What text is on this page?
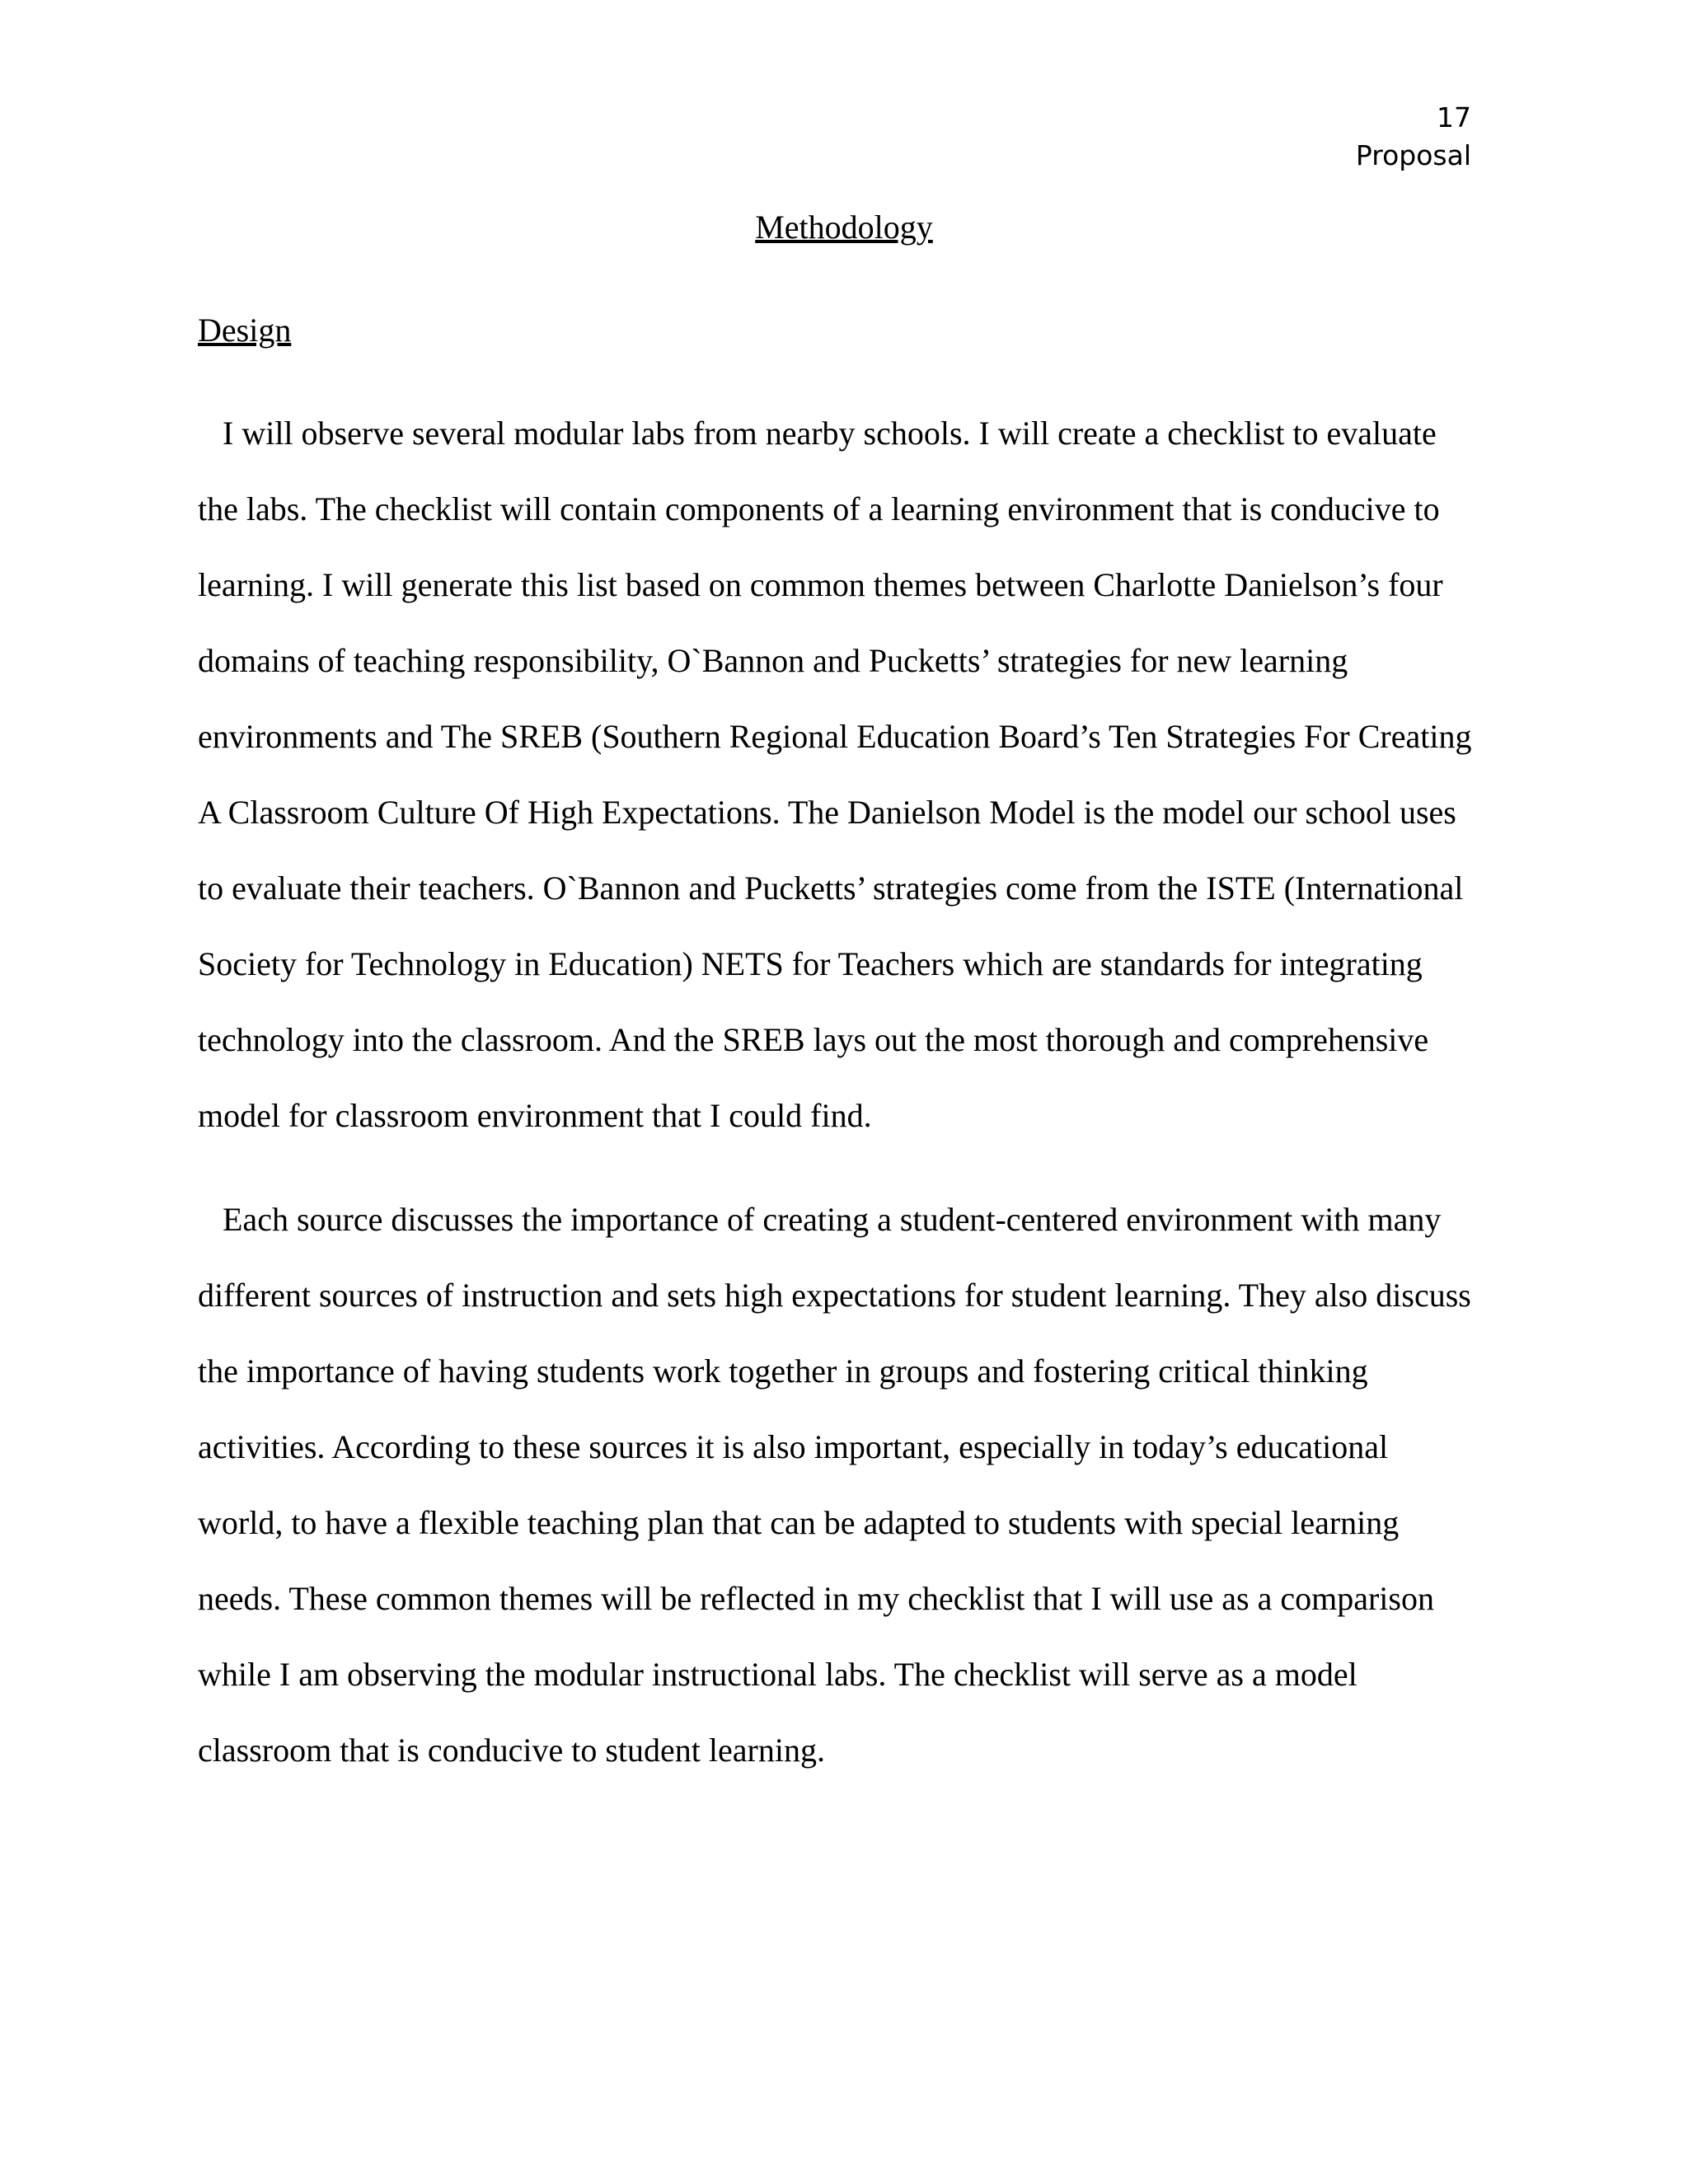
17
Proposal
Methodology
Design
I will observe several modular labs from nearby schools. I will create a checklist to evaluate
the labs. The checklist will contain components of a learning environment that is conducive to
learning. I will generate this list based on common themes between Charlotte Danielson’s four
domains of teaching responsibility, O`Bannon and Pucketts’ strategies for new learning
environments and The SREB (Southern Regional Education Board’s Ten Strategies For Creating
A Classroom Culture Of High Expectations. The Danielson Model is the model our school uses
to evaluate their teachers. O`Bannon and Pucketts’ strategies come from the ISTE (International
Society for Technology in Education) NETS for Teachers which are standards for integrating
technology into the classroom. And the SREB lays out the most thorough and comprehensive
model for classroom environment that I could find.
Each source discusses the importance of creating a student-centered environment with many
different sources of instruction and sets high expectations for student learning. They also discuss
the importance of having students work together in groups and fostering critical thinking
activities. According to these sources it is also important, especially in today’s educational
world, to have a flexible teaching plan that can be adapted to students with special learning
needs. These common themes will be reflected in my checklist that I will use as a comparison
while I am observing the modular instructional labs. The checklist will serve as a model
classroom that is conducive to student learning.
